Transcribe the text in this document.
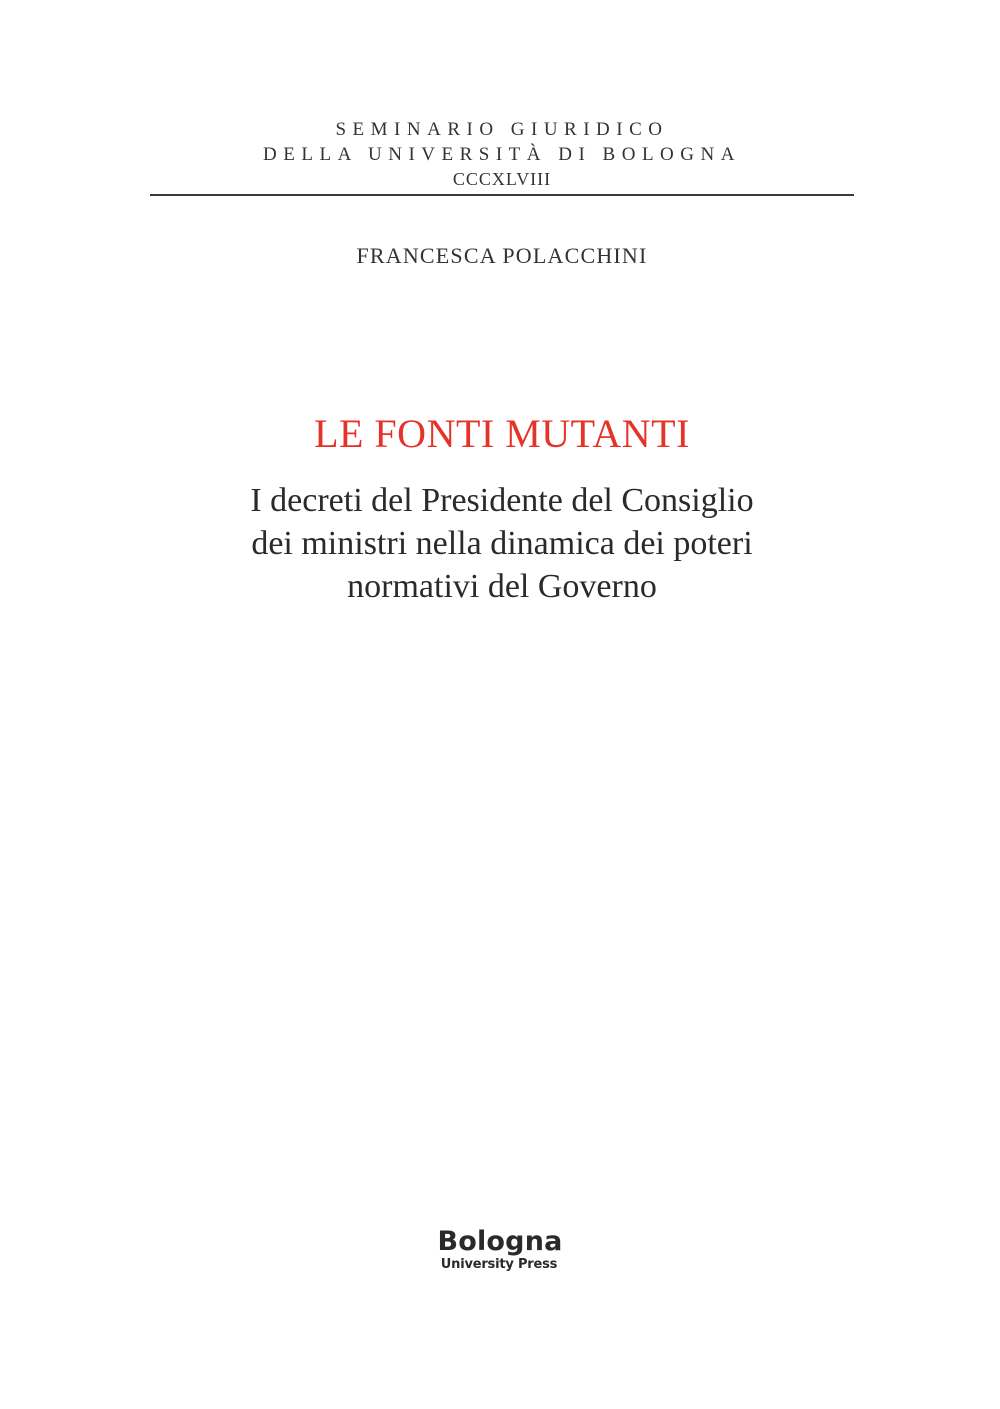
SEMINARIO GIURIDICO
DELLA UNIVERSITÀ DI BOLOGNA
CCCXLVIII
FRANCESCA POLACCHINI
LE FONTI MUTANTI
I decreti del Presidente del Consiglio
dei ministri nella dinamica dei poteri
normativi del Governo
Bologna
University Press
